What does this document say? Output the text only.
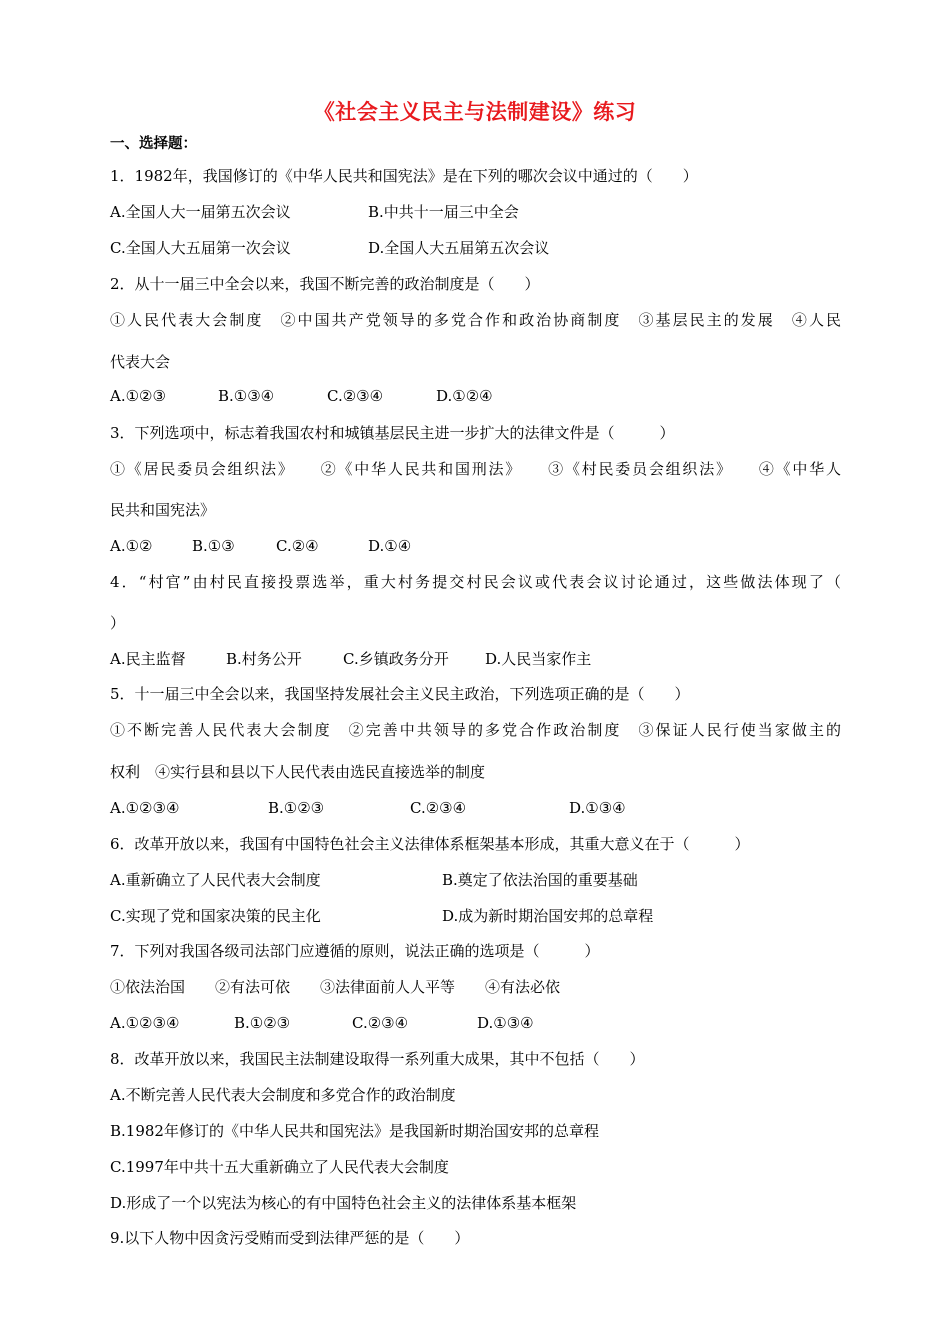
《社会主义民主与法制建设》练习
一、选择题：
1．1982年，我国修订的《中华人民共和国宪法》是在下列的哪次会议中通过的（　　）
A.全国人大一届第五次会议	B.中共十一届三中全会
C.全国人大五届第一次会议	D.全国人大五届第五次会议
2．从十一届三中全会以来，我国不断完善的政治制度是（　　）
①人民代表大会制度　②中国共产党领导的多党合作和政治协商制度　③基层民主的发展　④人民
代表大会
A.①②③	B.①③④	C.②③④	D.①②④
3．下列选项中，标志着我国农村和城镇基层民主进一步扩大的法律文件是（　　　）
①《居民委员会组织法》　　②《中华人民共和国刑法》　　③《村民委员会组织法》　　④《中华人
民共和国宪法》
A.①②	B.①③	C.②④	D.①④
4．“村官”由村民直接投票选举，重大村务提交村民会议或代表会议讨论通过，这些做法体现了（
）
A.民主监督	B.村务公开	C.乡镇政务分开 D.人民当家作主
5．十一届三中全会以来，我国坚持发展社会主义民主政治，下列选项正确的是（　　）
①不断完善人民代表大会制度　②完善中共领导的多党合作政治制度　③保证人民行使当家做主的
权利　④实行县和县以下人民代表由选民直接选举的制度
A.①②③④	B.①②③	C.②③④	D.①③④
6．改革开放以来，我国有中国特色社会主义法律体系框架基本形成，其重大意义在于（　　　）
A.重新确立了人民代表大会制度	B.奠定了依法治国的重要基础
C.实现了党和国家决策的民主化	D.成为新时期治国安邦的总章程
7．下列对我国各级司法部门应遵循的原则，说法正确的选项是（　　　）
①依法治国　　②有法可依　　③法律面前人人平等　　④有法必依
A.①②③④	B.①②③	C.②③④	D.①③④
8．改革开放以来，我国民主法制建设取得一系列重大成果，其中不包括（　　）
A.不断完善人民代表大会制度和多党合作的政治制度
B.1982年修订的《中华人民共和国宪法》是我国新时期治国安邦的总章程
C.1997年中共十五大重新确立了人民代表大会制度
D.形成了一个以宪法为核心的有中国特色社会主义的法律体系基本框架
9.以下人物中因贪污受贿而受到法律严惩的是（　　）
